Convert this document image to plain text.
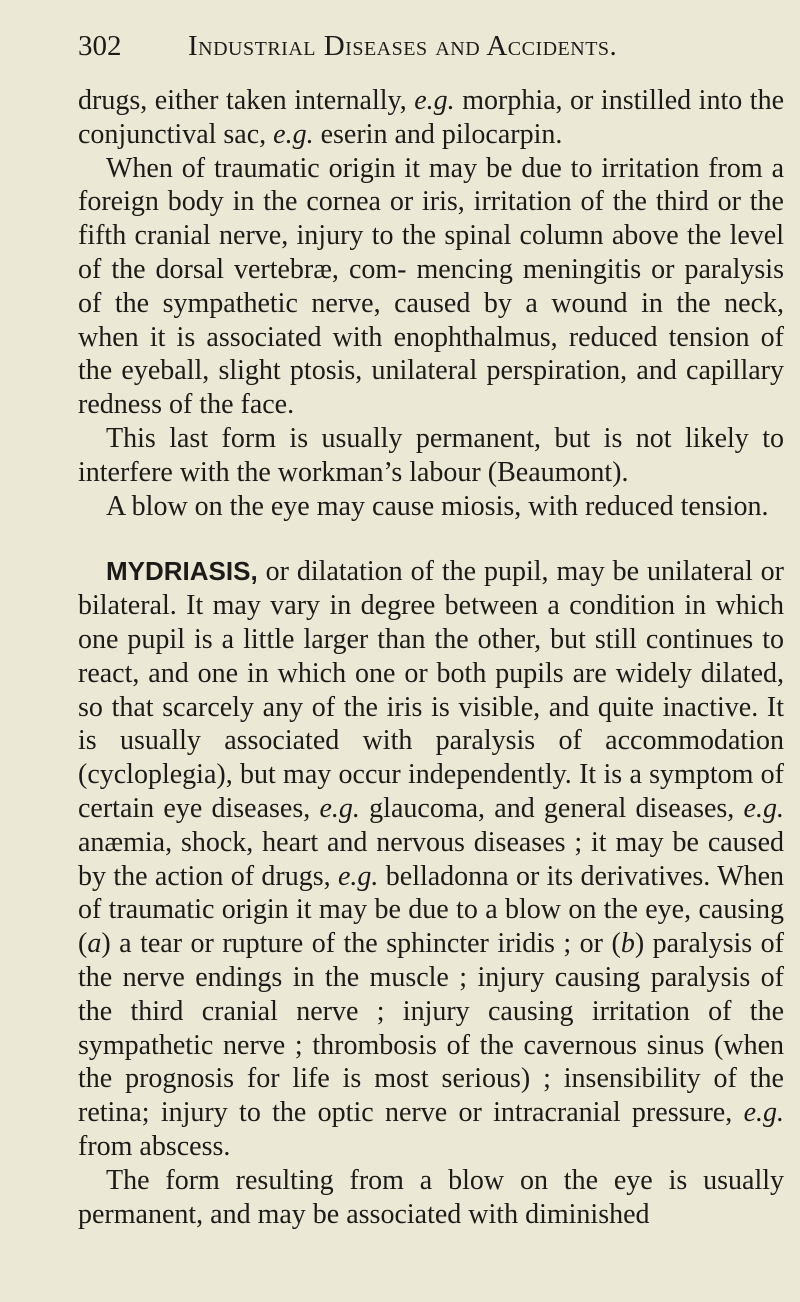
302 Industrial Diseases and Accidents.

drugs, either taken internally, e.g. morphia, or instilled into the conjunctival sac, e.g. eserin and pilocarpin.

When of traumatic origin it may be due to irritation from a foreign body in the cornea or iris, irritation of the third or the fifth cranial nerve, injury to the spinal column above the level of the dorsal vertebræ, com- mencing meningitis or paralysis of the sympathetic nerve, caused by a wound in the neck, when it is associated with enophthalmus, reduced tension of the eyeball, slight ptosis, unilateral perspiration, and capillary redness of the face.

This last form is usually permanent, but is not likely to interfere with the workman’s labour (Beaumont).

A blow on the eye may cause miosis, with reduced tension.

MYDRIASIS, or dilatation of the pupil, may be unilateral or bilateral. It may vary in degree between a condition in which one pupil is a little larger than the other, but still continues to react, and one in which one or both pupils are widely dilated, so that scarcely any of the iris is visible, and quite inactive. It is usually associated with paralysis of accommodation (cycloplegia), but may occur independently. It is a symptom of certain eye diseases, e.g. glaucoma, and general diseases, e.g. anæmia, shock, heart and nervous diseases ; it may be caused by the action of drugs, e.g. belladonna or its derivatives. When of traumatic origin it may be due to a blow on the eye, causing (a) a tear or rupture of the sphincter iridis ; or (b) paralysis of the nerve endings in the muscle ; injury causing paralysis of the third cranial nerve ; injury causing irritation of the sympathetic nerve ; thrombosis of the cavernous sinus (when the prognosis for life is most serious) ; insensibility of the retina; injury to the optic nerve or intracranial pressure, e.g. from abscess.

The form resulting from a blow on the eye is usually permanent, and may be associated with diminished
